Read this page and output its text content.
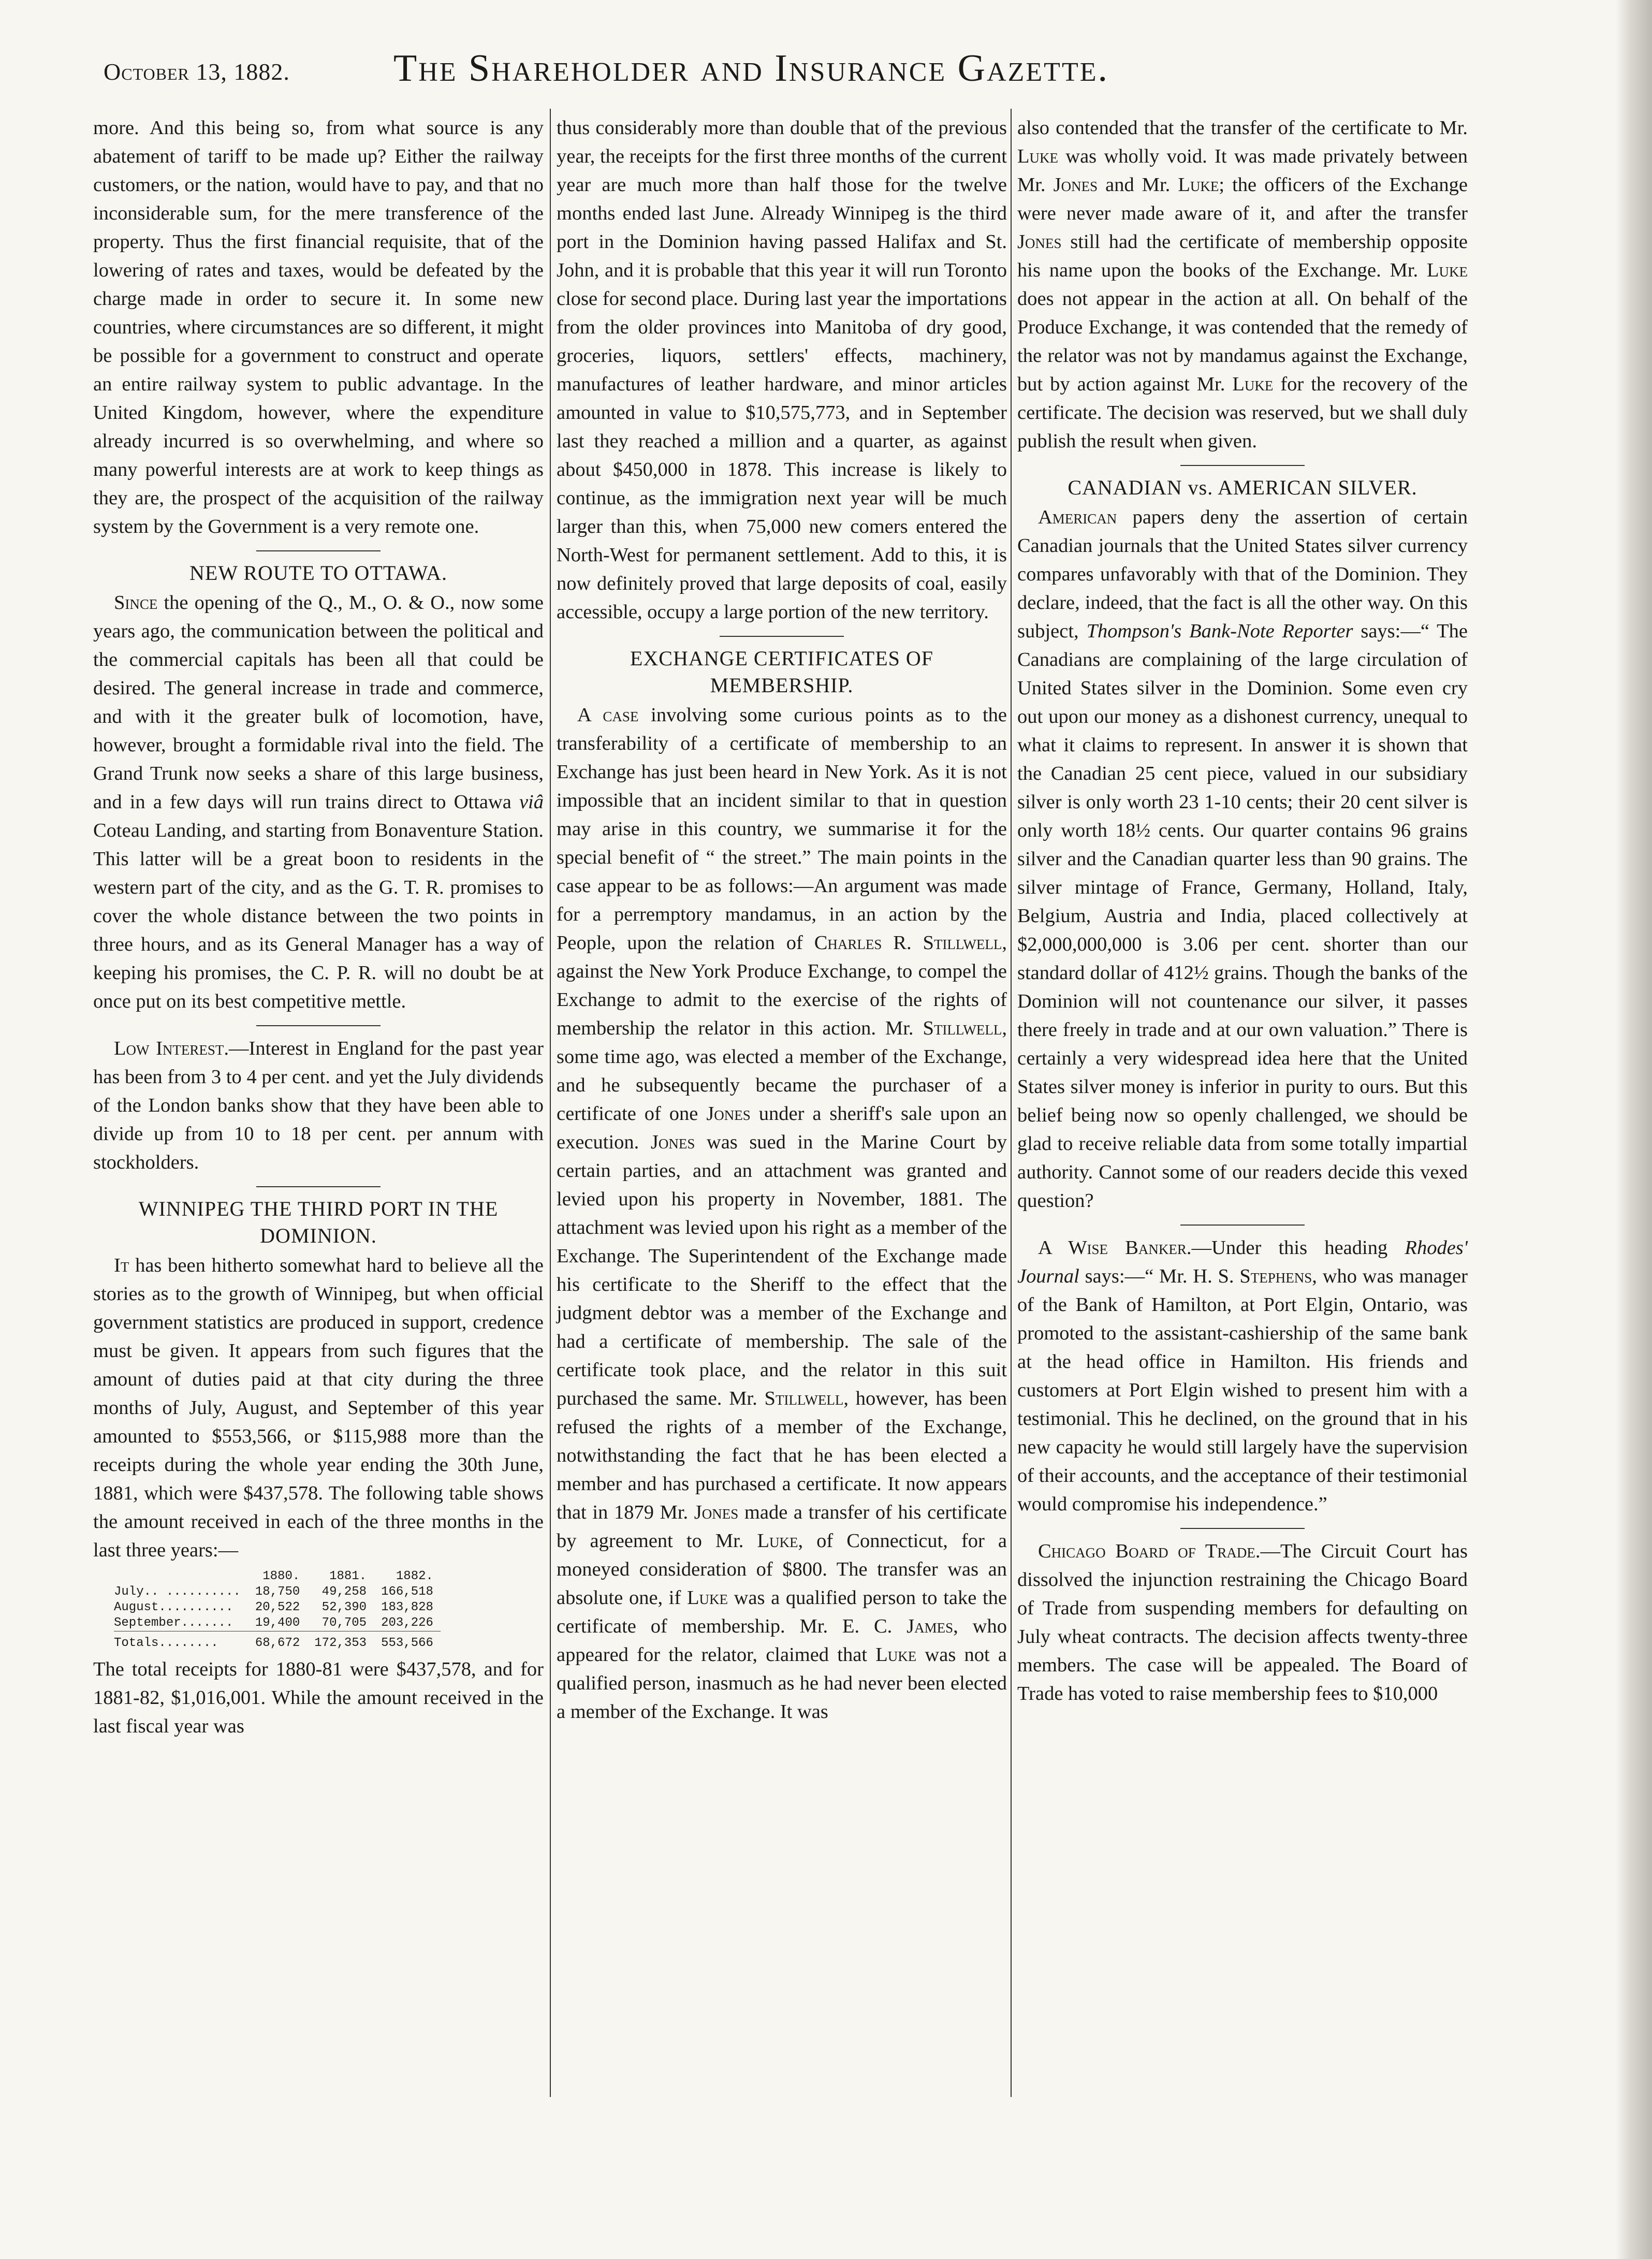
October 13, 1882.	The Shareholder and Insurance Gazette.

more. And this being so, from what source is any abatement of tariff to be made up? Either the railway customers, or the nation, would have to pay, and that no inconsiderable sum, for the mere transference of the property. Thus the first financial requisite, that of the lowering of rates and taxes, would be defeated by the charge made in order to secure it. In some new countries, where circumstances are so different, it might be possible for a government to construct and operate an entire railway system to public advantage. In the United Kingdom, however, where the expenditure already incurred is so overwhelming, and where so many powerful interests are at work to keep things as they are, the prospect of the acquisition of the railway system by the Government is a very remote one.

NEW ROUTE TO OTTAWA.

Since the opening of the Q., M., O. & O., now some years ago, the communication between the political and the commercial capitals has been all that could be desired. The general increase in trade and commerce, and with it the greater bulk of locomotion, have, however, brought a formidable rival into the field. The Grand Trunk now seeks a share of this large business, and in a few days will run trains direct to Ottawa viâ Coteau Landing, and starting from Bonaventure Station. This latter will be a great boon to residents in the western part of the city, and as the G. T. R. promises to cover the whole distance between the two points in three hours, and as its General Manager has a way of keeping his promises, the C. P. R. will no doubt be at once put on its best competitive mettle.

Low Interest.—Interest in England for the past year has been from 3 to 4 per cent. and yet the July dividends of the London banks show that they have been able to divide up from 10 to 18 per cent. per annum with stockholders.

WINNIPEG THE THIRD PORT IN THE DOMINION.

It has been hitherto somewhat hard to believe all the stories as to the growth of Winnipeg, but when official government statistics are produced in support, credence must be given. It appears from such figures that the amount of duties paid at that city during the three months of July, August, and September of this year amounted to $553,566, or $115,988 more than the receipts during the whole year ending the 30th June, 1881, which were $437,578. The following table shows the amount received in each of the three months in the last three years:—

	1880.	1881.	1882.
July.. ..........	18,750	49,258	166,518
August..........	20,522	52,390	183,828
September.......	19,400	70,705	203,226
Totals........	68,672	172,353	553,566

The total receipts for 1880-81 were $437,578, and for 1881-82, $1,016,001. While the amount received in the last fiscal year was

thus considerably more than double that of the previous year, the receipts for the first three months of the current year are much more than half those for the twelve months ended last June. Already Winnipeg is the third port in the Dominion having passed Halifax and St. John, and it is probable that this year it will run Toronto close for second place. During last year the importations from the older provinces into Manitoba of dry good, groceries, liquors, settlers' effects, machinery, manufactures of leather hardware, and minor articles amounted in value to $10,575,773, and in September last they reached a million and a quarter, as against about $450,000 in 1878. This increase is likely to continue, as the immigration next year will be much larger than this, when 75,000 new comers entered the North-West for permanent settlement. Add to this, it is now definitely proved that large deposits of coal, easily accessible, occupy a large portion of the new territory.

EXCHANGE CERTIFICATES OF MEMBERSHIP.

A case involving some curious points as to the transferability of a certificate of membership to an Exchange has just been heard in New York. As it is not impossible that an incident similar to that in question may arise in this country, we summarise it for the special benefit of “ the street.” The main points in the case appear to be as follows:—An argument was made for a perremptory mandamus, in an action by the People, upon the relation of Charles R. Stillwell, against the New York Produce Exchange, to compel the Exchange to admit to the exercise of the rights of membership the relator in this action. Mr. Stillwell, some time ago, was elected a member of the Exchange, and he subsequently became the purchaser of a certificate of one Jones under a sheriff's sale upon an execution. Jones was sued in the Marine Court by certain parties, and an attachment was granted and levied upon his property in November, 1881. The attachment was levied upon his right as a member of the Exchange. The Superintendent of the Exchange made his certificate to the Sheriff to the effect that the judgment debtor was a member of the Exchange and had a certificate of membership. The sale of the certificate took place, and the relator in this suit purchased the same. Mr. Stillwell, however, has been refused the rights of a member of the Exchange, notwithstanding the fact that he has been elected a member and has purchased a certificate. It now appears that in 1879 Mr. Jones made a transfer of his certificate by agreement to Mr. Luke, of Connecticut, for a moneyed consideration of $800. The transfer was an absolute one, if Luke was a qualified person to take the certificate of membership. Mr. E. C. James, who appeared for the relator, claimed that Luke was not a qualified person, inasmuch as he had never been elected a member of the Exchange. It was

also contended that the transfer of the certificate to Mr. Luke was wholly void. It was made privately between Mr. Jones and Mr. Luke; the officers of the Exchange were never made aware of it, and after the transfer Jones still had the certificate of membership opposite his name upon the books of the Exchange. Mr. Luke does not appear in the action at all. On behalf of the Produce Exchange, it was contended that the remedy of the relator was not by mandamus against the Exchange, but by action against Mr. Luke for the recovery of the certificate. The decision was reserved, but we shall duly publish the result when given.

CANADIAN vs. AMERICAN SILVER.

American papers deny the assertion of certain Canadian journals that the United States silver currency compares unfavorably with that of the Dominion. They declare, indeed, that the fact is all the other way. On this subject, Thompson's Bank-Note Reporter says:—“ The Canadians are complaining of the large circulation of United States silver in the Dominion. Some even cry out upon our money as a dishonest currency, unequal to what it claims to represent. In answer it is shown that the Canadian 25 cent piece, valued in our subsidiary silver is only worth 23 1-10 cents; their 20 cent silver is only worth 18½ cents. Our quarter contains 96 grains silver and the Canadian quarter less than 90 grains. The silver mintage of France, Germany, Holland, Italy, Belgium, Austria and India, placed collectively at $2,000,000,000 is 3.06 per cent. shorter than our standard dollar of 412½ grains. Though the banks of the Dominion will not countenance our silver, it passes there freely in trade and at our own valuation.” There is certainly a very widespread idea here that the United States silver money is inferior in purity to ours. But this belief being now so openly challenged, we should be glad to receive reliable data from some totally impartial authority. Cannot some of our readers decide this vexed question?

A Wise Banker.—Under this heading Rhodes' Journal says:—“ Mr. H. S. Stephens, who was manager of the Bank of Hamilton, at Port Elgin, Ontario, was promoted to the assistant-cashiership of the same bank at the head office in Hamilton. His friends and customers at Port Elgin wished to present him with a testimonial. This he declined, on the ground that in his new capacity he would still largely have the supervision of their accounts, and the acceptance of their testimonial would compromise his independence.”

Chicago Board of Trade.—The Circuit Court has dissolved the injunction restraining the Chicago Board of Trade from suspending members for defaulting on July wheat contracts. The decision affects twenty-three members. The case will be appealed. The Board of Trade has voted to raise membership fees to $10,000
